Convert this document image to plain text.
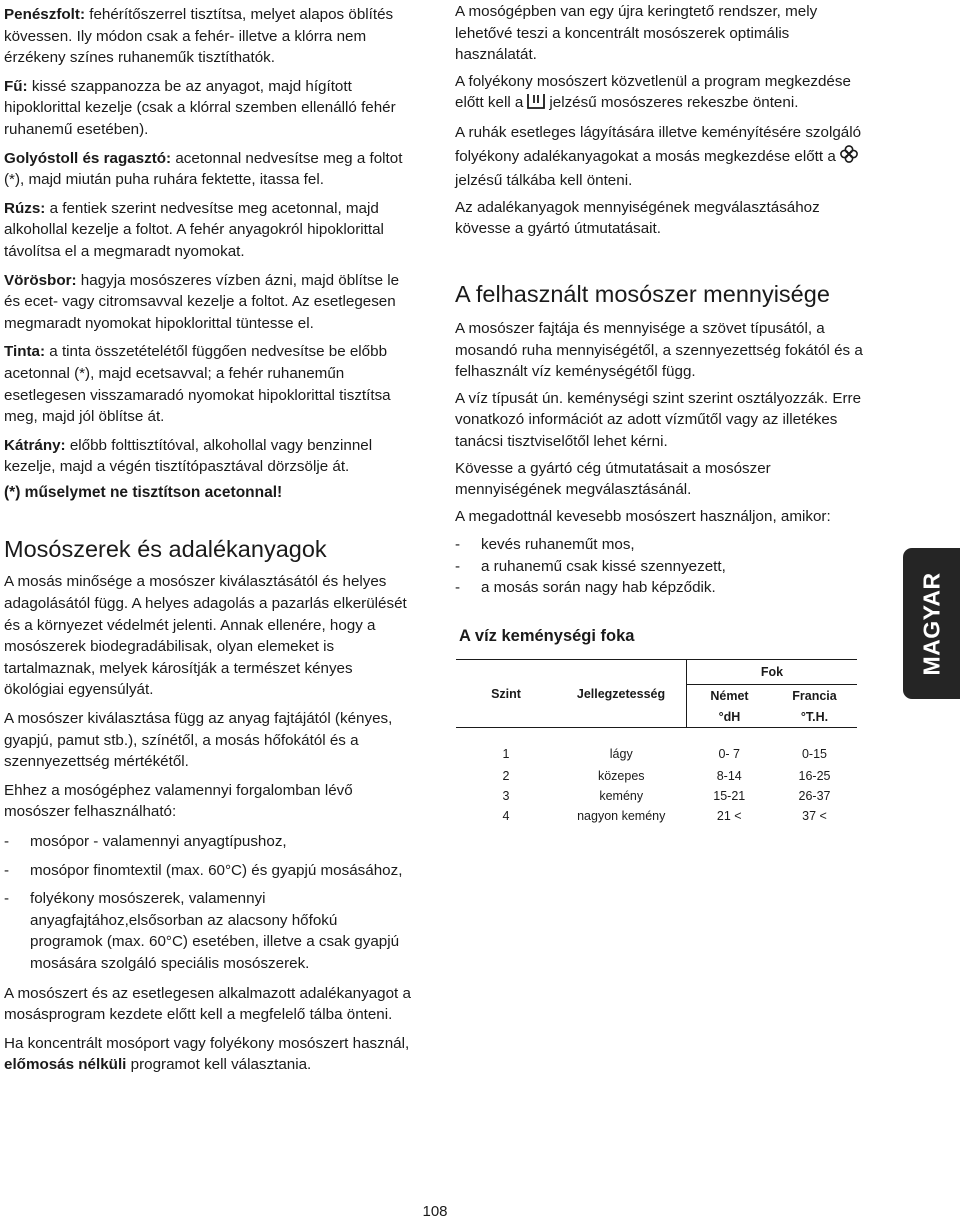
Penészfolt: fehérítőszerrel tisztítsa, melyet alapos öblítés kövessen. Ily módon csak a fehér- illetve a klórra nem érzékeny színes ruhaneműk tisztíthatók.

Fű: kissé szappanozza be az anyagot, majd hígított hipoklorittal kezelje (csak a klórral szemben ellenálló fehér ruhanemű esetében).

Golyóstoll és ragasztó: acetonnal nedvesítse meg a foltot (*), majd miután puha ruhára fektette, itassa fel.

Rúzs: a fentiek szerint nedvesítse meg acetonnal, majd alkohollal kezelje a foltot. A fehér anyagokról hipoklorittal távolítsa el a megmaradt nyomokat.

Vörösbor: hagyja mosószeres vízben ázni, majd öblítse le és ecet- vagy citromsavval kezelje a foltot. Az esetlegesen megmaradt nyomokat hipoklorittal tüntesse el.

Tinta: a tinta összetételétől függően nedvesítse be előbb acetonnal (*), majd ecetsavval; a fehér ruhaneműn esetlegesen visszamaradó nyomokat hipoklorittal tisztítsa meg, majd jól öblítse át.

Kátrány: előbb folttisztítóval, alkohollal vagy benzinnel kezelje, majd a végén tisztítópasztával dörzsölje át.

(*) műselymet ne tisztítson acetonnal!

Mosószerek és adalékanyagok

A mosás minősége a mosószer kiválasztásától és helyes adagolásától függ. A helyes adagolás a pazarlás elkerülését és a környezet védelmét jelenti. Annak ellenére, hogy a mosószerek biodegradábilisak, olyan elemeket is tartalmaznak, melyek károsítják a természet kényes ökológiai egyensúlyát.

A mosószer kiválasztása függ az anyag fajtájától (kényes, gyapjú, pamut stb.), színétől, a mosás hőfokától és a szennyezettség mértékétől.

Ehhez a mosógéphez valamennyi forgalomban lévő mosószer felhasználható:

- mosópor - valamennyi anyagtípushoz,

- mosópor finomtextil (max. 60°C) és gyapjú mosásához,

- folyékony mosószerek, valamennyi anyagfajtához,elsősorban az alacsony hőfokú programok (max. 60°C) esetében, illetve a csak gyapjú mosására szolgáló speciális mosószerek.

A mosószert és az esetlegesen alkalmazott adalékanyagot a mosásprogram kezdete előtt kell a megfelelő tálba önteni.

Ha koncentrált mosóport vagy folyékony mosószert használ, előmosás nélküli programot kell választania.

A mosógépben van egy újra keringtető rendszer, mely lehetővé teszi a koncentrált mosószerek optimális használatát.

A folyékony mosószert közvetlenül a program megkezdése előtt kell a jelzésű mosószeres rekeszbe önteni.

A ruhák esetleges lágyítására illetve keményítésére szolgáló folyékony adalékanyagokat a mosás megkezdése előtt ajelzésű tálkába kell önteni.

Az adalékanyagok mennyiségének megválasztásához kövesse a gyártó útmutatásait.

A felhasznált mosószer mennyisége

A mosószer fajtája és mennyisége a szövet típusától, a mosandó ruha mennyiségétől, a szennyezettség fokától és a felhasznált víz keménységétől függ.

A víz típusát ún. keménységi szint szerint osztályozzák. Erre vonatkozó információt az adott vízműtől vagy az illetékes tanácsi tisztviselőtől lehet kérni.

Kövesse a gyártó cég útmutatásait a mosószer mennyiségének megválasztásánál.

A megadottnál kevesebb mosószert használjon, amikor:

- kevés ruhaneműt mos,

- a ruhanemű csak kissé szennyezett,

- a mosás során nagy hab képződik.

A víz keménységi foka
Szint	Jellegzetesség	Fok	
		Német	Francia
		°dH	°T.H.
1	lágy	0- 7	0-15
2	közepes	8-14	16-25
3	kemény	15-21	26-37
4	nagyon kemény	21 <	37 <
MAGYAR
108
